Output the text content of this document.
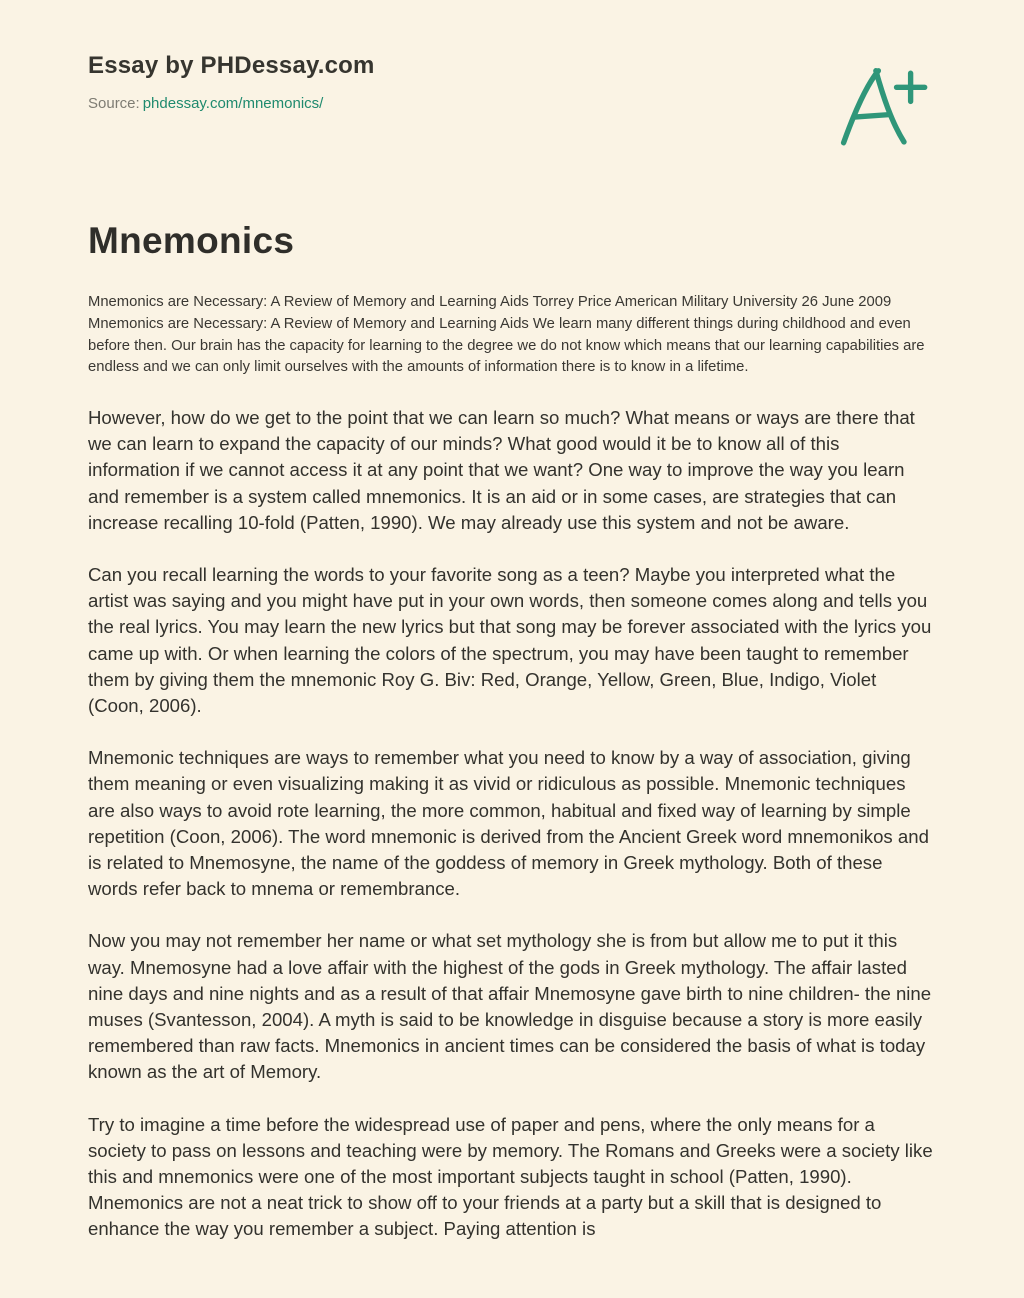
Essay by PHDessay.com

Source: phdessay.com/mnemonics/

Mnemonics

Mnemonics are Necessary: A Review of Memory and Learning Aids Torrey Price American Military University 26 June 2009 Mnemonics are Necessary: A Review of Memory and Learning Aids We learn many different things during childhood and even before then. Our brain has the capacity for learning to the degree we do not know which means that our learning capabilities are endless and we can only limit ourselves with the amounts of information there is to know in a lifetime.

However, how do we get to the point that we can learn so much? What means or ways are there that we can learn to expand the capacity of our minds? What good would it be to know all of this information if we cannot access it at any point that we want? One way to improve the way you learn and remember is a system called mnemonics. It is an aid or in some cases, are strategies that can increase recalling 10-fold (Patten, 1990). We may already use this system and not be aware.

Can you recall learning the words to your favorite song as a teen? Maybe you interpreted what the artist was saying and you might have put in your own words, then someone comes along and tells you the real lyrics. You may learn the new lyrics but that song may be forever associated with the lyrics you came up with. Or when learning the colors of the spectrum, you may have been taught to remember them by giving them the mnemonic Roy G. Biv: Red, Orange, Yellow, Green, Blue, Indigo, Violet (Coon, 2006).

Mnemonic techniques are ways to remember what you need to know by a way of association, giving them meaning or even visualizing making it as vivid or ridiculous as possible. Mnemonic techniques are also ways to avoid rote learning, the more common, habitual and fixed way of learning by simple repetition (Coon, 2006). The word mnemonic is derived from the Ancient Greek word mnemonikos and is related to Mnemosyne, the name of the goddess of memory in Greek mythology. Both of these words refer back to mnema or remembrance.

Now you may not remember her name or what set mythology she is from but allow me to put it this way. Mnemosyne had a love affair with the highest of the gods in Greek mythology. The affair lasted nine days and nine nights and as a result of that affair Mnemosyne gave birth to nine children- the nine muses (Svantesson, 2004). A myth is said to be knowledge in disguise because a story is more easily remembered than raw facts. Mnemonics in ancient times can be considered the basis of what is today known as the art of Memory.

Try to imagine a time before the widespread use of paper and pens, where the only means for a society to pass on lessons and teaching were by memory. The Romans and Greeks were a society like this and mnemonics were one of the most important subjects taught in school (Patten, 1990). Mnemonics are not a neat trick to show off to your friends at a party but a skill that is designed to enhance the way you remember a subject. Paying attention is
